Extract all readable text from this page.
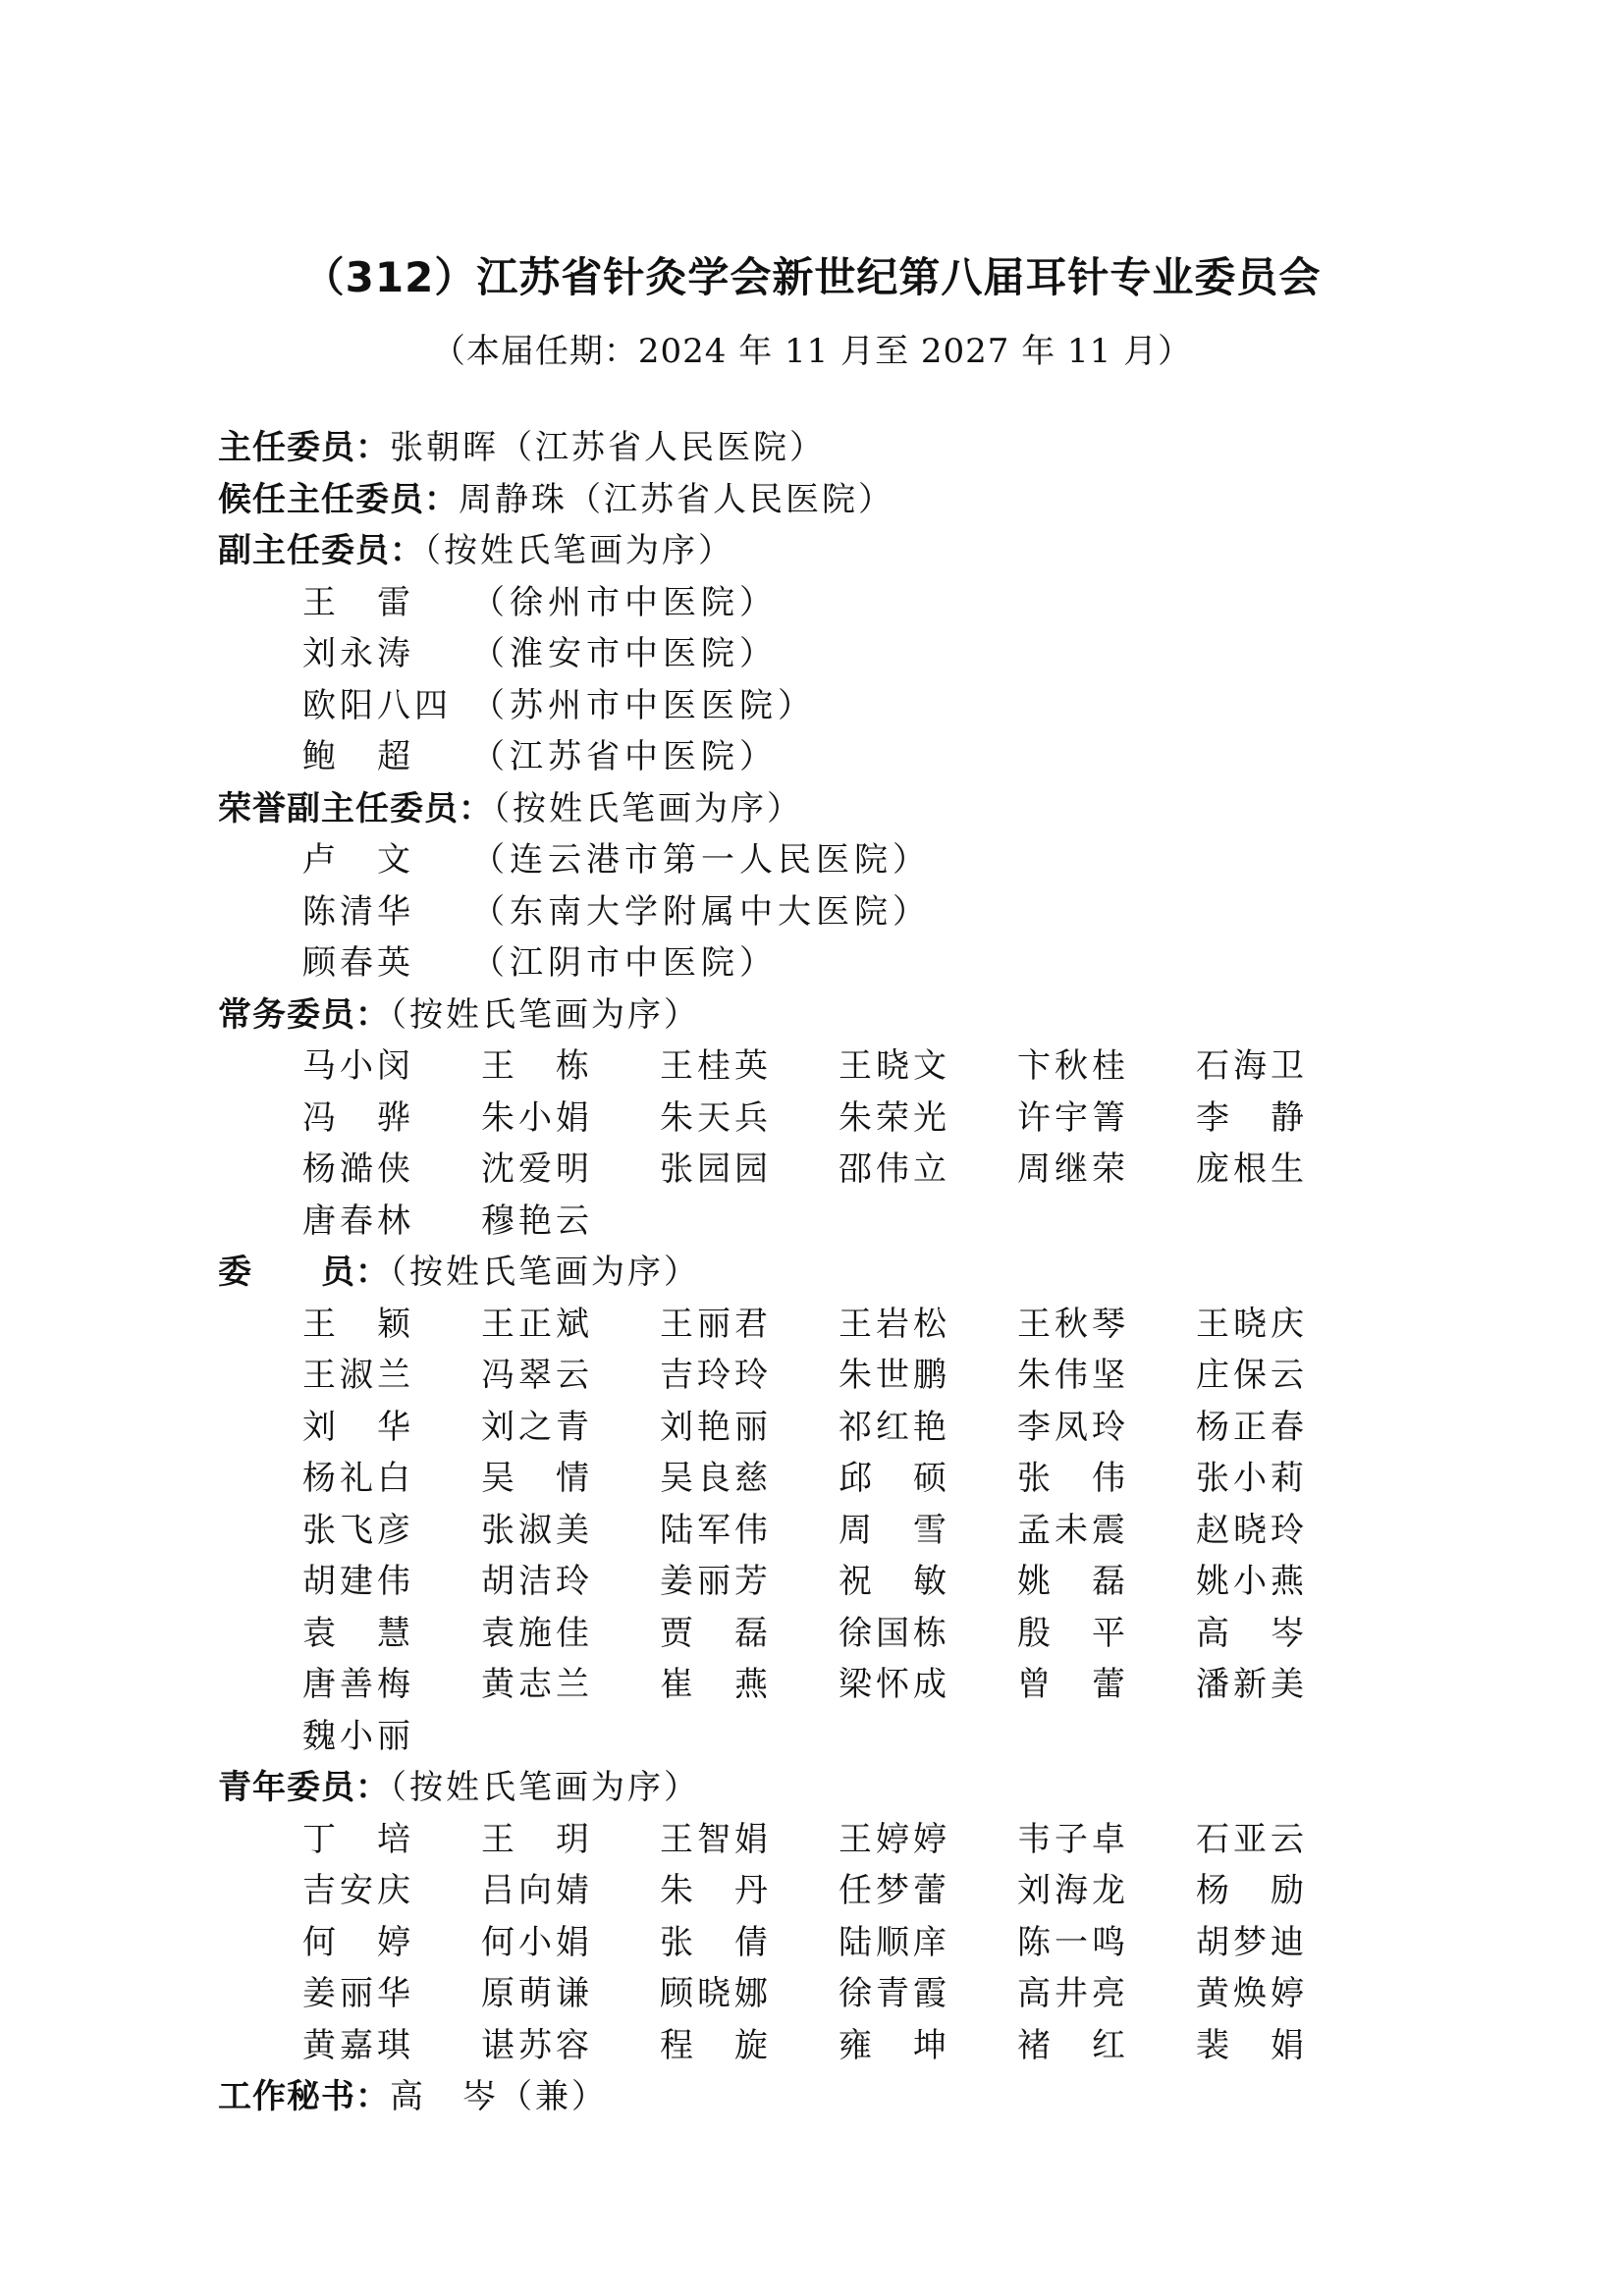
（312）江苏省针灸学会新世纪第八届耳针专业委员会
（本届任期：2024 年 11 月至 2027 年 11 月）
主任委员：张朝晖（江苏省人民医院）
候任主任委员：周静珠（江苏省人民医院）
副主任委员：（按姓氏笔画为序）
王　雷 （徐州市中医院）
刘永涛 （淮安市中医院）
欧阳八四 （苏州市中医医院）
鲍　超 （江苏省中医院）
荣誉副主任委员：（按姓氏笔画为序）
卢　文 （连云港市第一人民医院）
陈清华 （东南大学附属中大医院）
顾春英 （江阴市中医院）
常务委员：（按姓氏笔画为序）
马小闵	王　栋	王桂英	王晓文	卞秋桂	石海卫
冯　骅	朱小娟	朱天兵	朱荣光	许宇箐	李　静
杨澔侠	沈爱明	张园园	邵伟立	周继荣	庞根生
唐春林	穆艳云
委　　员：（按姓氏笔画为序）
王　颖	王正斌	王丽君	王岩松	王秋琴	王晓庆
王淑兰	冯翠云	吉玲玲	朱世鹏	朱伟坚	庄保云
刘　华	刘之青	刘艳丽	祁红艳	李凤玲	杨正春
杨礼白	吴　情	吴良慈	邱　硕	张　伟	张小莉
张飞彦	张淑美	陆军伟	周　雪	孟未震	赵晓玲
胡建伟	胡洁玲	姜丽芳	祝　敏	姚　磊	姚小燕
袁　慧	袁施佳	贾　磊	徐国栋	殷　平	高　岑
唐善梅	黄志兰	崔　燕	梁怀成	曾　蕾	潘新美
魏小丽
青年委员：（按姓氏笔画为序）
丁　培	王　玥	王智娟	王婷婷	韦子卓	石亚云
吉安庆	吕向婧	朱　丹	任梦蕾	刘海龙	杨　励
何　婷	何小娟	张　倩	陆顺庠	陈一鸣	胡梦迪
姜丽华	原萌谦	顾晓娜	徐青霞	高井亮	黄焕婷
黄嘉琪	谌苏容	程　旋	雍　坤	褚　红	裴　娟
工作秘书：高　岑（兼）
